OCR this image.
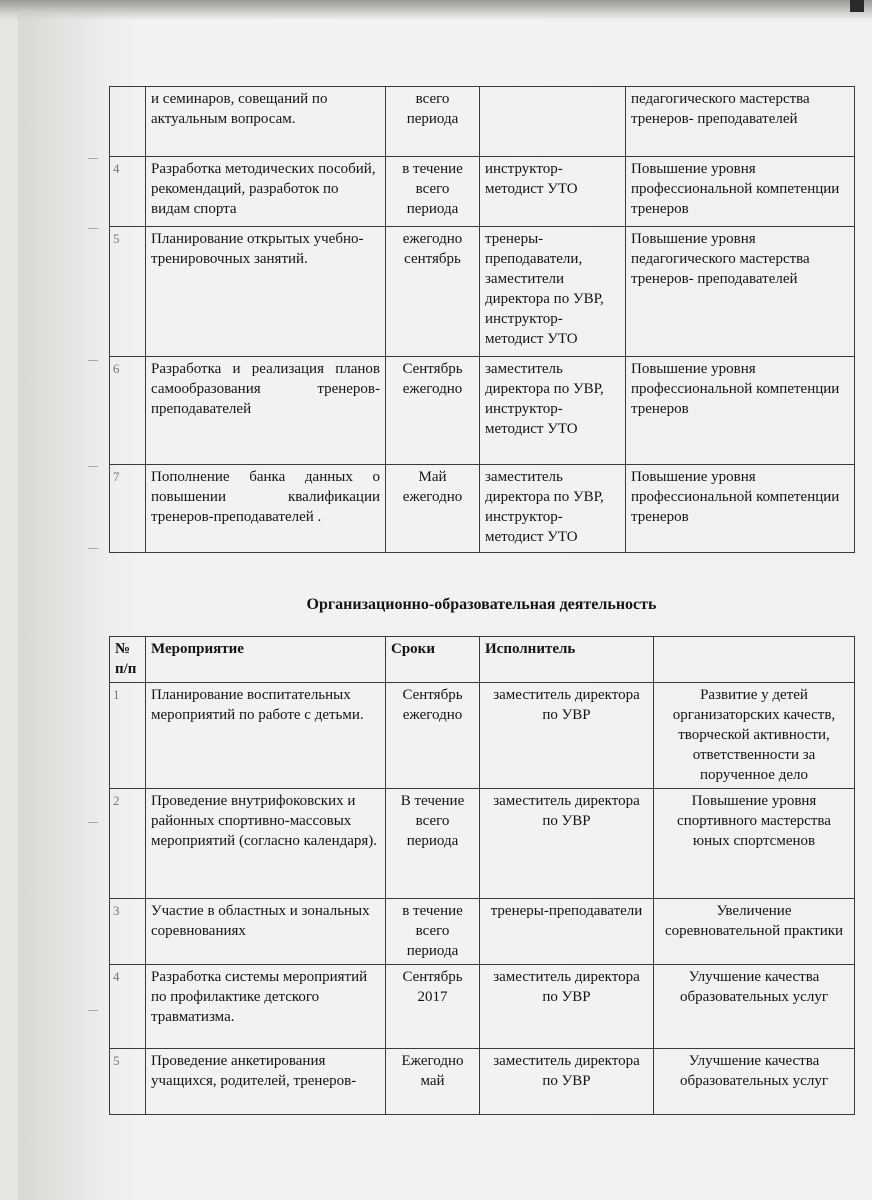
	и семинаров, совещаний по актуальным вопросам.	всего периода		педагогического мастерства тренеров- преподавателей
4	Разработка методических пособий, рекомендаций, разработок по видам спорта	в течение всего периода	инструктор-методист УТО	Повышение уровня профессиональной компетенции тренеров
5	Планирование открытых учебно-тренировочных занятий.	ежегодно сентябрь	тренеры-преподаватели, заместители директора по УВР, инструктор-методист УТО	Повышение уровня педагогического мастерства тренеров- преподавателей
6	Разработка и реализация планов самообразования тренеров-преподавателей	Сентябрь ежегодно	заместитель директора по УВР, инструктор-методист УТО	Повышение уровня профессиональной компетенции тренеров
7	Пополнение банка данных о повышении квалификации тренеров-преподавателей .	Май ежегодно	заместитель директора по УВР, инструктор-методист УТО	Повышение уровня профессиональной компетенции тренеров
Организационно-образовательная деятельность
№ п/п	Мероприятие	Сроки	Исполнитель	
1	Планирование воспитательных мероприятий по работе с детьми.	Сентябрь ежегодно	заместитель директора по УВР	Развитие у детей организаторских качеств, творческой активности, ответственности за порученное дело
2	Проведение внутрифоковских и районных спортивно-массовых мероприятий (согласно календаря).	В течение всего периода	заместитель директора по УВР	Повышение уровня спортивного мастерства юных спортсменов
3	Участие в областных и зональных соревнованиях	в течение всего периода	тренеры-преподаватели	Увеличение соревновательной практики
4	Разработка системы мероприятий по профилактике детского травматизма.	Сентябрь 2017	заместитель директора по УВР	Улучшение качества образовательных услуг
5	Проведение анкетирования учащихся, родителей, тренеров-	Ежегодно май	заместитель директора по УВР	Улучшение качества образовательных услуг
